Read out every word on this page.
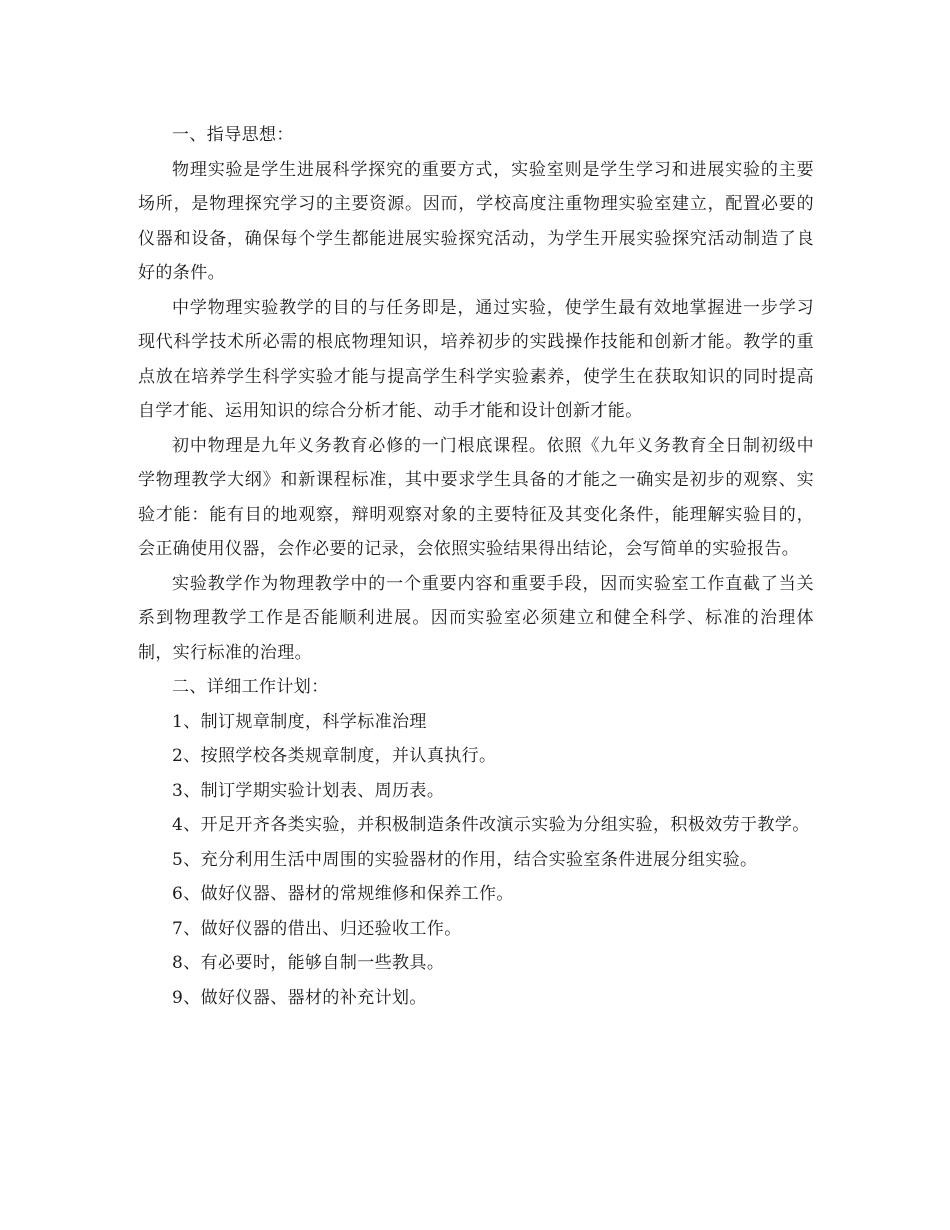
一、指导思想：

物理实验是学生进展科学探究的重要方式，实验室则是学生学习和进展实验的主要场所，是物理探究学习的主要资源。因而，学校高度注重物理实验室建立，配置必要的仪器和设备，确保每个学生都能进展实验探究活动，为学生开展实验探究活动制造了良好的条件。

中学物理实验教学的目的与任务即是，通过实验，使学生最有效地掌握进一步学习现代科学技术所必需的根底物理知识，培养初步的实践操作技能和创新才能。教学的重点放在培养学生科学实验才能与提高学生科学实验素养，使学生在获取知识的同时提高自学才能、运用知识的综合分析才能、动手才能和设计创新才能。

初中物理是九年义务教育必修的一门根底课程。依照《九年义务教育全日制初级中学物理教学大纲》和新课程标准，其中要求学生具备的才能之一确实是初步的观察、实验才能：能有目的地观察，辩明观察对象的主要特征及其变化条件，能理解实验目的，会正确使用仪器，会作必要的记录，会依照实验结果得出结论，会写简单的实验报告。

实验教学作为物理教学中的一个重要内容和重要手段，因而实验室工作直截了当关系到物理教学工作是否能顺利进展。因而实验室必须建立和健全科学、标准的治理体制，实行标准的治理。

二、详细工作计划：

1、制订规章制度，科学标准治理

2、按照学校各类规章制度，并认真执行。

3、制订学期实验计划表、周历表。

4、开足开齐各类实验，并积极制造条件改演示实验为分组实验，积极效劳于教学。

5、充分利用生活中周围的实验器材的作用，结合实验室条件进展分组实验。

6、做好仪器、器材的常规维修和保养工作。

7、做好仪器的借出、归还验收工作。

8、有必要时，能够自制一些教具。

9、做好仪器、器材的补充计划。
